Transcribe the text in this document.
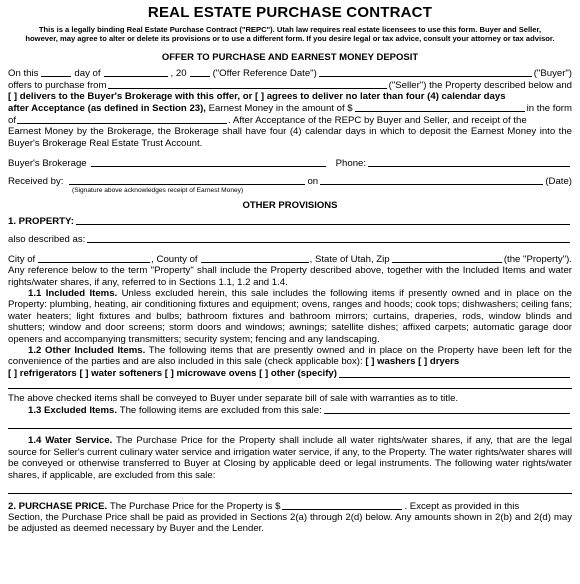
REAL ESTATE PURCHASE CONTRACT
This is a legally binding Real Estate Purchase Contract ("REPC"). Utah law requires real estate licensees to use this form. Buyer and Seller, however, may agree to alter or delete its provisions or to use a different form. If you desire legal or tax advice, consult your attorney or tax advisor.
OFFER TO PURCHASE AND EARNEST MONEY DEPOSIT
On this	day of	, 20	("Offer Reference Date")	("Buyer")
offers to purchase from	("Seller") the Property described below and
[ ] delivers to the Buyer's Brokerage with this offer, or [ ] agrees to deliver no later than four (4) calendar days
after Acceptance (as defined in Section 23),
Earnest Money in the amount of $	in the form
of	. After Acceptance of the REPC by Buyer and Seller, and receipt of the

Earnest Money by the Brokerage, the Brokerage shall have four (4) calendar days in which to deposit the Earnest Money into the Buyer's Brokerage Real Estate Trust Account.

Buyer's Brokerage	Phone:
Received by:	on	(Date)
(Signature above acknowledges receipt of Earnest Money)
OTHER PROVISIONS
1. PROPERTY:
also described as:
City of	, County of	, State of Utah, Zip	(the "Property").

Any reference below to the term "Property" shall include the Property described above, together with the Included Items and water rights/water shares, if any, referred to in Sections 1.1, 1.2 and 1.4.

1.1 Included Items. Unless excluded herein, this sale includes the following items if presently owned and in place on the Property: plumbing, heating, air conditioning fixtures and equipment; ovens, ranges and hoods; cook tops; dishwashers; ceiling fans; water heaters; light fixtures and bulbs; bathroom fixtures and bathroom mirrors; curtains, draperies, rods, window blinds and shutters; window and door screens; storm doors and windows; awnings; satellite dishes; affixed carpets; automatic garage door openers and accompanying transmitters; security system; fencing and any landscaping.

1.2 Other Included Items. The following items that are presently owned and in place on the Property have been left for the convenience of the parties and are also included in this sale (check applicable box): [ ] washers [ ] dryers

[ ] refrigerators [ ] water softeners [ ] microwave ovens [ ] other (specify)

The above checked items shall be conveyed to Buyer under separate bill of sale with warranties as to title.

1.3 Excluded Items.
The following items are excluded from this sale:

1.4 Water Service. The Purchase Price for the Property shall include all water rights/water shares, if any, that are the legal source for Seller's current culinary water service and irrigation water service, if any, to the Property. The water rights/water shares will be conveyed or otherwise transferred to Buyer at Closing by applicable deed or legal instruments. The following water rights/water shares, if applicable, are excluded from this sale:

2. PURCHASE PRICE.
The Purchase Price for the Property is $	. Except as provided in this

Section, the Purchase Price shall be paid as provided in Sections 2(a) through 2(d) below. Any amounts shown in 2(b) and 2(d) may be adjusted as deemed necessary by Buyer and the Lender.
